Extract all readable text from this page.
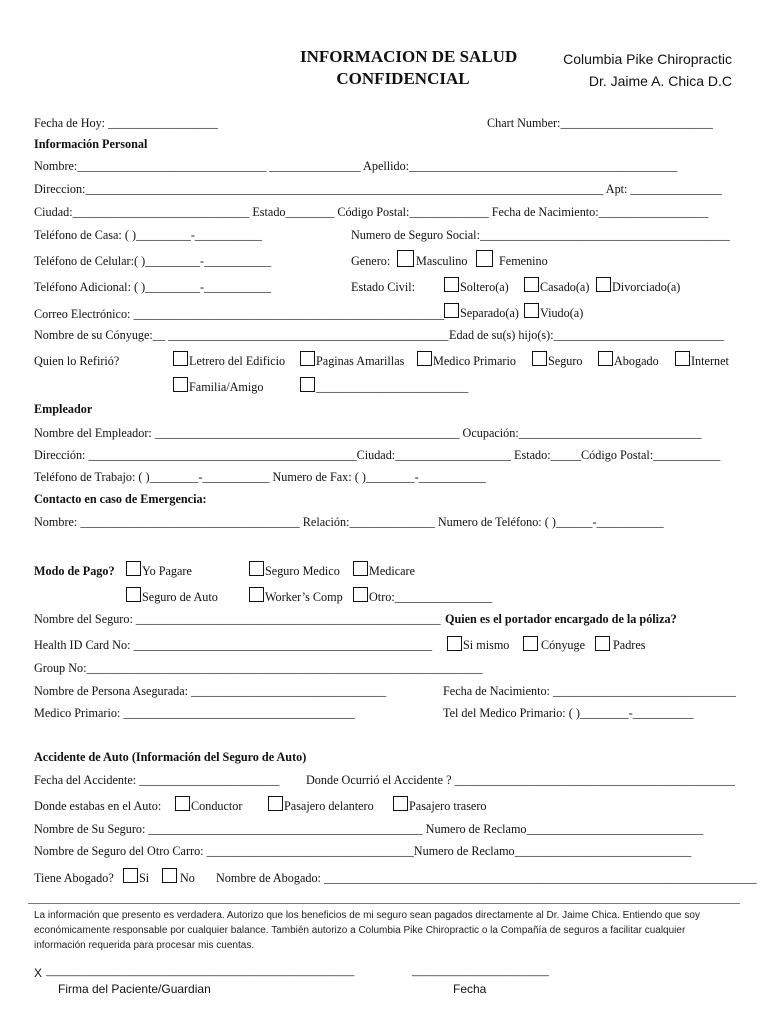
INFORMACION DE SALUD
CONFIDENCIAL
Columbia Pike Chiropractic
Dr. Jaime A. Chica D.C
Fecha de Hoy: __________________	Chart Number:_________________________
Información Personal
Nombre:_______________________________ _______________ Apellido:____________________________________________
Direccion:_____________________________________________________________________________________ Apt: _______________
Ciudad:_____________________________ Estado________ Código Postal:_____________ Fecha de Nacimiento:__________________
Teléfono de Casa: ( )_________-___________	Numero de Seguro Social:_________________________________________
Teléfono de Celular:( )_________-___________	Genero: Masculino	Femenino
Teléfono Adicional: ( )_________-___________	Estado Civil:	Soltero(a)	Casado(a) Divorciado(a)
Correo Electrónico: ___________________________________________________ Separado(a) Viudo(a)
Nombre de su Cónyuge:__ ______________________________________________ Edad de su(s) hijo(s):____________________________
Quien lo Refirió?	Letrero del Edificio	Paginas Amarillas Medico Primario	Seguro	Abogado	Internet
Familia/Amigo	_________________________
Empleador
Nombre del Empleador: __________________________________________________ Ocupación:______________________________
Dirección: ____________________________________________Ciudad:___________________ Estado:_____Código Postal:___________
Teléfono de Trabajo: ( )________-___________ Numero de Fax: ( )________-___________
Contacto en caso de Emergencia:
Nombre: ____________________________________ Relación:______________ Numero de Teléfono: ( )______-___________
Modo de Pago? Yo Pagare	Seguro Medico Medicare
Seguro de Auto	Worker’s Comp Otro:________________
Nombre del Seguro: __________________________________________________ Quien es el portador encargado de la póliza?
Health ID Card No: _________________________________________________	Si mismo	Cónyuge Padres
Group No:_________________________________________________________________
Nombre de Persona Asegurada: ________________________________	Fecha de Nacimiento: ______________________________
Medico Primario: ______________________________________	Tel del Medico Primario: ( )________-__________
Accidente de Auto (Información del Seguro de Auto)
Fecha del Accidente: _______________________ Donde Ocurrió el Accidente ? ______________________________________________
Donde estabas en el Auto: Conductor	Pasajero delantero	Pasajero trasero
Nombre de Su Seguro: _____________________________________________ Numero de Reclamo_____________________________
Nombre de Seguro del Otro Carro: __________________________________Numero de Reclamo_____________________________
Tiene Abogado? Si	No Nombre de Abogado: _______________________________________________________________________
La información que presento es verdadera. Autorizo que los beneficios de mi seguro sean pagados directamente al Dr. Jaime Chica. Entiendo que soy económicamente responsable por cualquier balance. También autorizo a Columbia Pike Chiropractic o la Compañía de seguros a facilitar cualquier información requerida para procesar mis cuentas.
X ______________________________________________________	________________________
Firma del Paciente/Guardian	Fecha
